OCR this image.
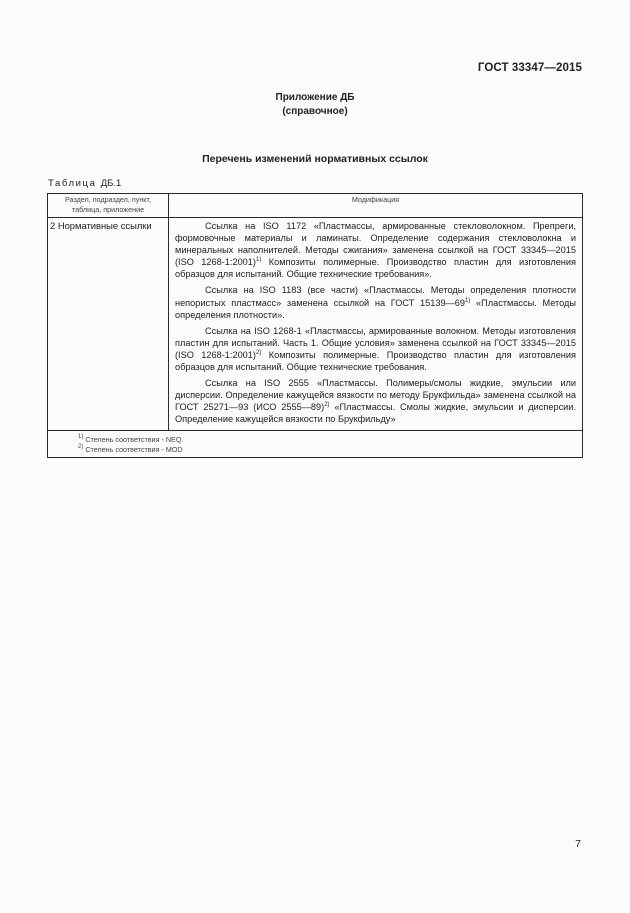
ГОСТ 33347—2015
Приложение ДБ
(справочное)
Перечень изменений нормативных ссылок
Таблица ДБ.1
Раздел, подраздел, пункт, таблица, приложение	Модификация
2 Нормативные ссылки	Ссылка на ISO 1172 «Пластмассы, армированные стекловолокном. Препреги, формовочные материалы и ламинаты. Определение содержания стекловолокна и минеральных наполнителей. Методы сжигания» заменена ссылкой на ГОСТ 33345—2015 (ISO 1268-1:2001)$^{1)}$ Композиты полимерные. Производство пластин для изготовления образцов для испытаний. Общие технические требования».

Ссылка на ISO 1183 (все части) «Пластмассы. Методы определения плотности непористых пластмасс» заменена ссылкой на ГОСТ 15139—69$^{1)}$ «Пластмассы. Методы определения плотности».

Ссылка на ISO 1268-1 «Пластмассы, армированные волокном. Методы изготовления пластин для испытаний. Часть 1. Общие условия» заменена ссылкой на ГОСТ 33345—2015 (ISO 1268-1:2001)$^{2)}$ Композиты полимерные. Производство пластин для изготовления образцов для испытаний. Общие технические требования.

Ссылка на ISO 2555 «Пластмассы. Полимеры/смолы жидкие, эмульсии или дисперсии. Определение кажущейся вязкости по методу Брукфильда» заменена ссылкой на ГОСТ 25271—93 (ИСО 2555—89)$^{2)}$ «Пластмассы. Смолы жидкие, эмульсии и дисперсии. Определение кажущейся вязкости по Брукфильду»

$^{1)}$ Степень соответствия - NEQ.
$^{2)}$ Степень соответствия - MOD	
7
